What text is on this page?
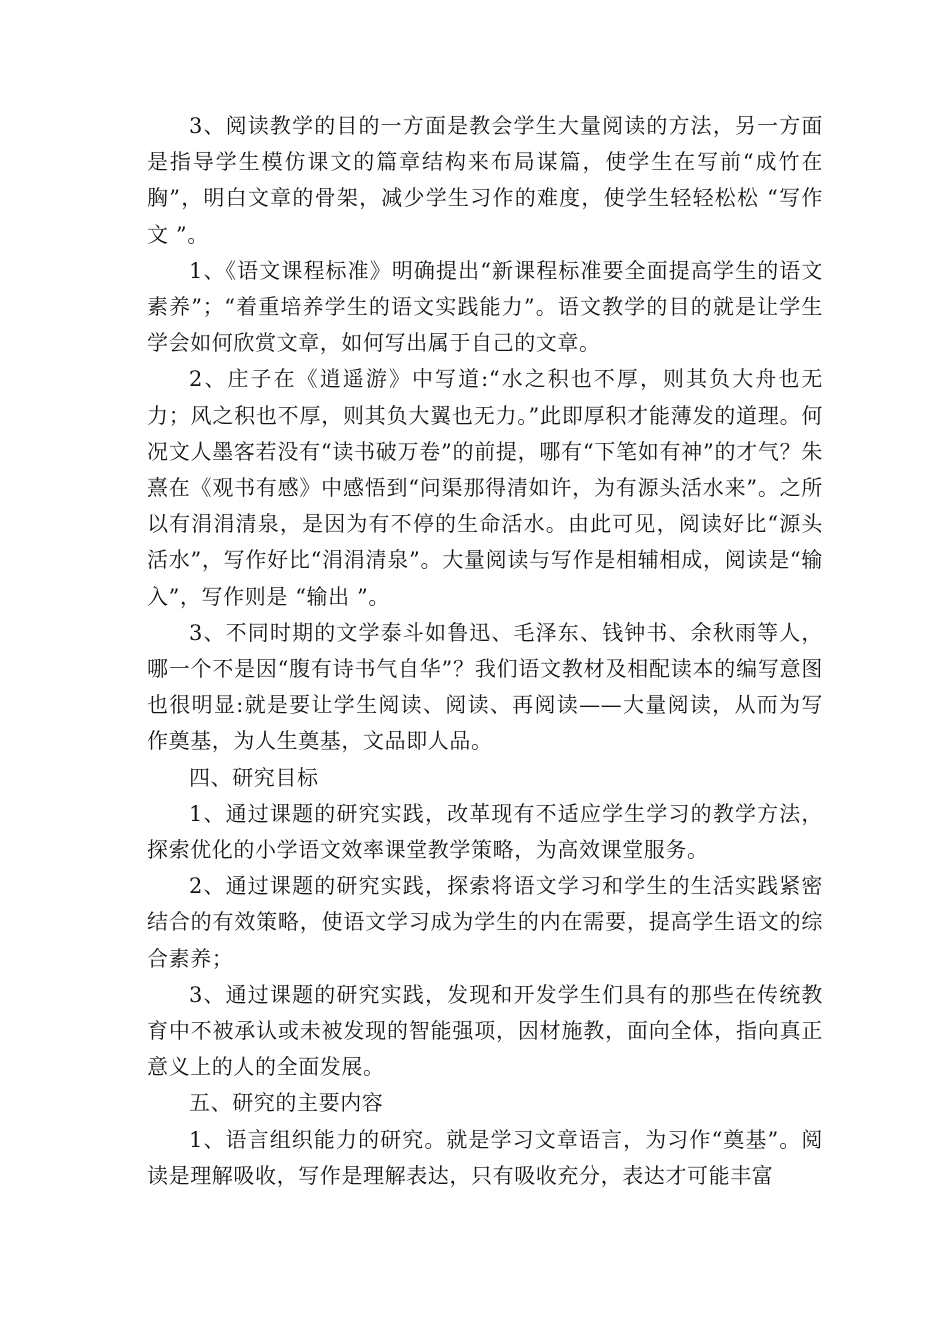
3、阅读教学的目的一方面是教会学生大量阅读的方法，另一方面是指导学生模仿课文的篇章结构来布局谋篇，使学生在写前“成竹在胸”，明白文章的骨架，减少学生习作的难度，使学生轻轻松松 “写作文 ”。

1、《语文课程标准》明确提出“新课程标准要全面提高学生的语文素养”；“着重培养学生的语文实践能力”。语文教学的目的就是让学生学会如何欣赏文章，如何写出属于自己的文章。

2、庄子在《逍遥游》中写道:“水之积也不厚，则其负大舟也无力；风之积也不厚，则其负大翼也无力。”此即厚积才能薄发的道理。何况文人墨客若没有“读书破万卷”的前提，哪有“下笔如有神”的才气？朱熹在《观书有感》中感悟到“问渠那得清如许，为有源头活水来”。之所以有涓涓清泉，是因为有不停的生命活水。由此可见，阅读好比“源头活水”，写作好比“涓涓清泉”。大量阅读与写作是相辅相成，阅读是“输入”，写作则是 “输出 ”。

3、不同时期的文学泰斗如鲁迅、毛泽东、钱钟书、余秋雨等人，哪一个不是因“腹有诗书气自华”？我们语文教材及相配读本的编写意图也很明显:就是要让学生阅读、阅读、再阅读——大量阅读，从而为写作奠基，为人生奠基，文品即人品。

四、研究目标

1、通过课题的研究实践，改革现有不适应学生学习的教学方法，探索优化的小学语文效率课堂教学策略，为高效课堂服务。

2、通过课题的研究实践，探索将语文学习和学生的生活实践紧密结合的有效策略，使语文学习成为学生的内在需要，提高学生语文的综合素养；

3、通过课题的研究实践，发现和开发学生们具有的那些在传统教育中不被承认或未被发现的智能强项，因材施教，面向全体，指向真正意义上的人的全面发展。

五、研究的主要内容

1、语言组织能力的研究。就是学习文章语言，为习作“奠基”。阅读是理解吸收，写作是理解表达，只有吸收充分，表达才可能丰富
